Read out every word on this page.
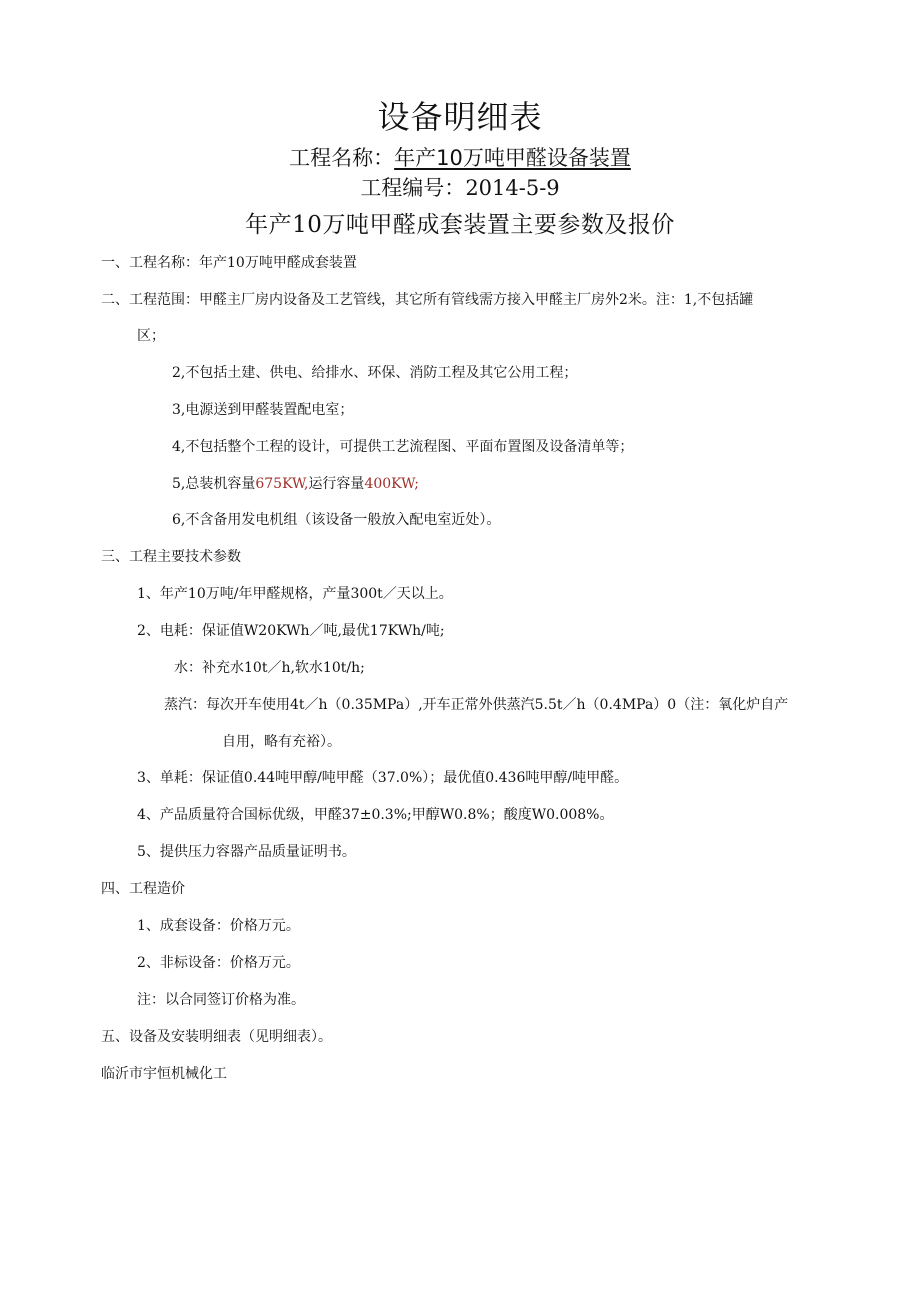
设备明细表
工程名称：年产10万吨甲醛设备装置
工程编号：2014-5-9
年产10万吨甲醛成套装置主要参数及报价
一、工程名称：年产10万吨甲醛成套装置
二、工程范围：甲醛主厂房内设备及工艺管线，其它所有管线需方接入甲醛主厂房外2米。注：1,不包括罐
区；
2,不包括土建、供电、给排水、环保、消防工程及其它公用工程；
3,电源送到甲醛装置配电室；
4,不包括整个工程的设计，可提供工艺流程图、平面布置图及设备清单等；
5,总装机容量675KW,运行容量400KW;
6,不含备用发电机组（该设备一般放入配电室近处）。
三、工程主要技术参数
1、年产10万吨/年甲醛规格，产量300t／天以上。
2、电耗：保证值W20KWh／吨,最优17KWh/吨;
水：补充水10t／h,软水10t/h;
蒸汽：每次开车使用4t／h（0.35MPa）,开车正常外供蒸汽5.5t／h（0.4MPa）0（注：氧化炉自产
自用，略有充裕）。
3、单耗：保证值0.44吨甲醇/吨甲醛（37.0%）；最优值0.436吨甲醇/吨甲醛。
4、产品质量符合国标优级，甲醛37±0.3%;甲醇W0.8%；酸度W0.008%。
5、提供压力容器产品质量证明书。
四、工程造价
1、成套设备：价格万元。
2、非标设备：价格万元。
注：以合同签订价格为准。
五、设备及安装明细表（见明细表）。
临沂市宇恒机械化工
